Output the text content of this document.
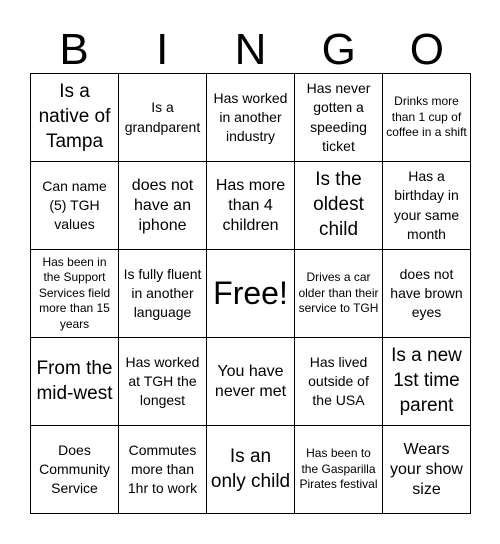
B	I	N	G	O
Is a native of Tampa
Is a grandparent
Has worked in another industry
Has never gotten a speeding ticket
Drinks more than 1 cup of coffee in a shift
Can name (5) TGH values
does not have an iphone
Has more than 4 children
Is the oldest child
Has a birthday in your same month
Has been in the Support Services field more than 15 years
Is fully fluent in another language
Free!	Drives a car older than their service to TGH
does not have brown eyes
From the mid-west
Has worked at TGH the longest
You have never met
Has lived outside of the USA
Is a new 1st time parent
Does Community Service
Commutes more than 1hr to work
Is an only child
Has been to the Gasparilla Pirates festival
Wears your show size
